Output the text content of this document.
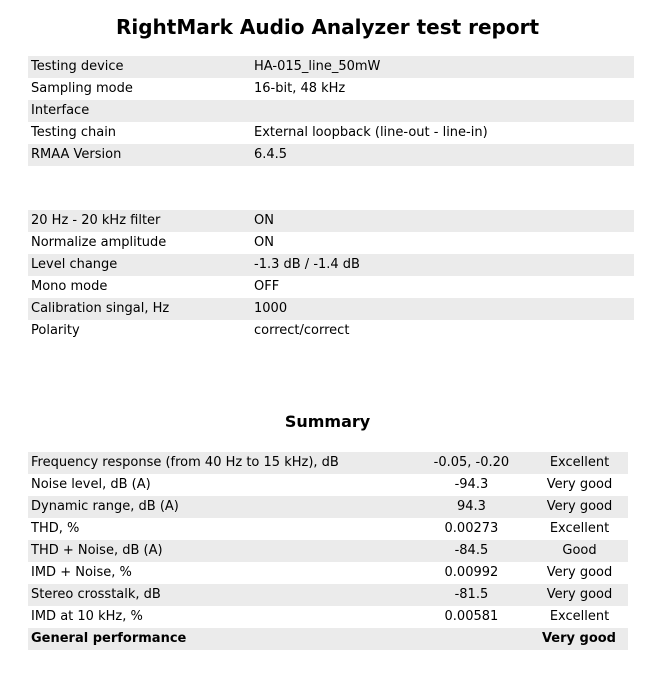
RightMark Audio Analyzer test report
Testing device	HA-015_line_50mW
Sampling mode	16-bit, 48 kHz
Interface	
Testing chain	External loopback (line-out - line-in)
RMAA Version	6.4.5
20 Hz - 20 kHz filter	ON
Normalize amplitude	ON
Level change	-1.3 dB / -1.4 dB
Mono mode	OFF
Calibration singal, Hz	1000
Polarity	correct/correct
Summary
Frequency response (from 40 Hz to 15 kHz), dB	-0.05, -0.20	Excellent
Noise level, dB (A)	-94.3	Very good
Dynamic range, dB (A)	94.3	Very good
THD, %	0.00273	Excellent
THD + Noise, dB (A)	-84.5	Good
IMD + Noise, %	0.00992	Very good
Stereo crosstalk, dB	-81.5	Very good
IMD at 10 kHz, %	0.00581	Excellent
General performance		Very good
